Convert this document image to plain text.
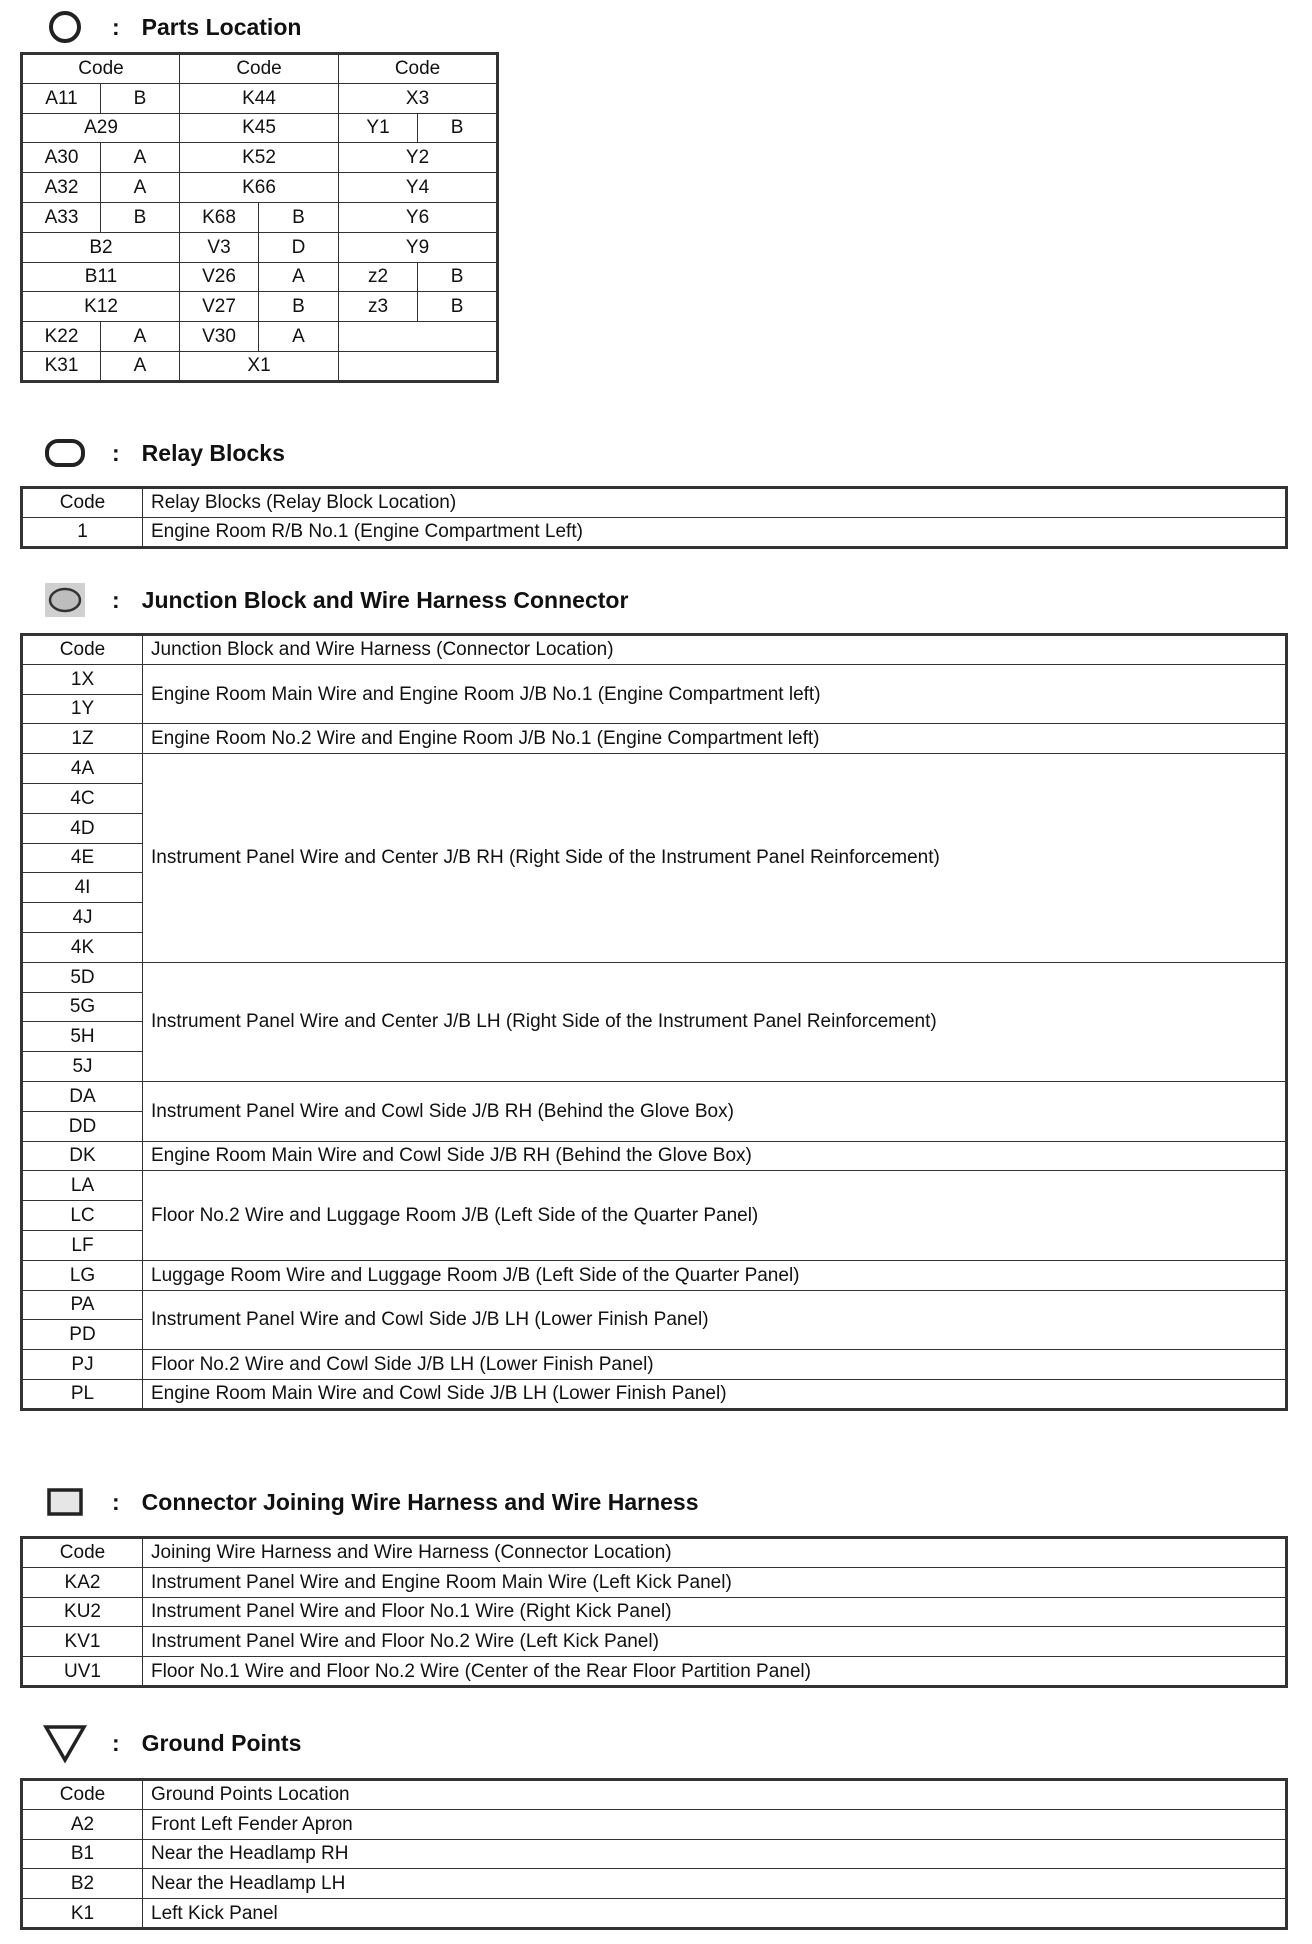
: Parts Location
Code		Code		Code	
A11	B	K44		X3	
A29		K45		Y1	B
A30	A	K52		Y2	
A32	A	K66		Y4	
A33	B	K68	B	Y6	
B2		V3	D	Y9	
B11		V26	A	z2	B
K12		V27	B	z3	B
K22	A	V30	A		
K31	A	X1			
: Relay Blocks
Code	Relay Blocks (Relay Block Location)
1	Engine Room R/B No.1 (Engine Compartment Left)
: Junction Block and Wire Harness Connector
Code	Junction Block and Wire Harness (Connector Location)
1X	Engine Room Main Wire and Engine Room J/B No.1 (Engine Compartment left)
1Y	
1Z	Engine Room No.2 Wire and Engine Room J/B No.1 (Engine Compartment left)
4A	Instrument Panel Wire and Center J/B RH (Right Side of the Instrument Panel Reinforcement)
4C	
4D	
4E	
4I	
4J	
4K	
5D	Instrument Panel Wire and Center J/B LH (Right Side of the Instrument Panel Reinforcement)
5G	
5H	
5J	
DA	Instrument Panel Wire and Cowl Side J/B RH (Behind the Glove Box)
DD	
DK	Engine Room Main Wire and Cowl Side J/B RH (Behind the Glove Box)
LA	Floor No.2 Wire and Luggage Room J/B (Left Side of the Quarter Panel)
LC	
LF	
LG	Luggage Room Wire and Luggage Room J/B (Left Side of the Quarter Panel)
PA	Instrument Panel Wire and Cowl Side J/B LH (Lower Finish Panel)
PD	
PJ	Floor No.2 Wire and Cowl Side J/B LH (Lower Finish Panel)
PL	Engine Room Main Wire and Cowl Side J/B LH (Lower Finish Panel)
: Connector Joining Wire Harness and Wire Harness
Code	Joining Wire Harness and Wire Harness (Connector Location)
KA2	Instrument Panel Wire and Engine Room Main Wire (Left Kick Panel)
KU2	Instrument Panel Wire and Floor No.1 Wire (Right Kick Panel)
KV1	Instrument Panel Wire and Floor No.2 Wire (Left Kick Panel)
UV1	Floor No.1 Wire and Floor No.2 Wire (Center of the Rear Floor Partition Panel)
: Ground Points
Code	Ground Points Location
A2	Front Left Fender Apron
B1	Near the Headlamp RH
B2	Near the Headlamp LH
K1	Left Kick Panel
